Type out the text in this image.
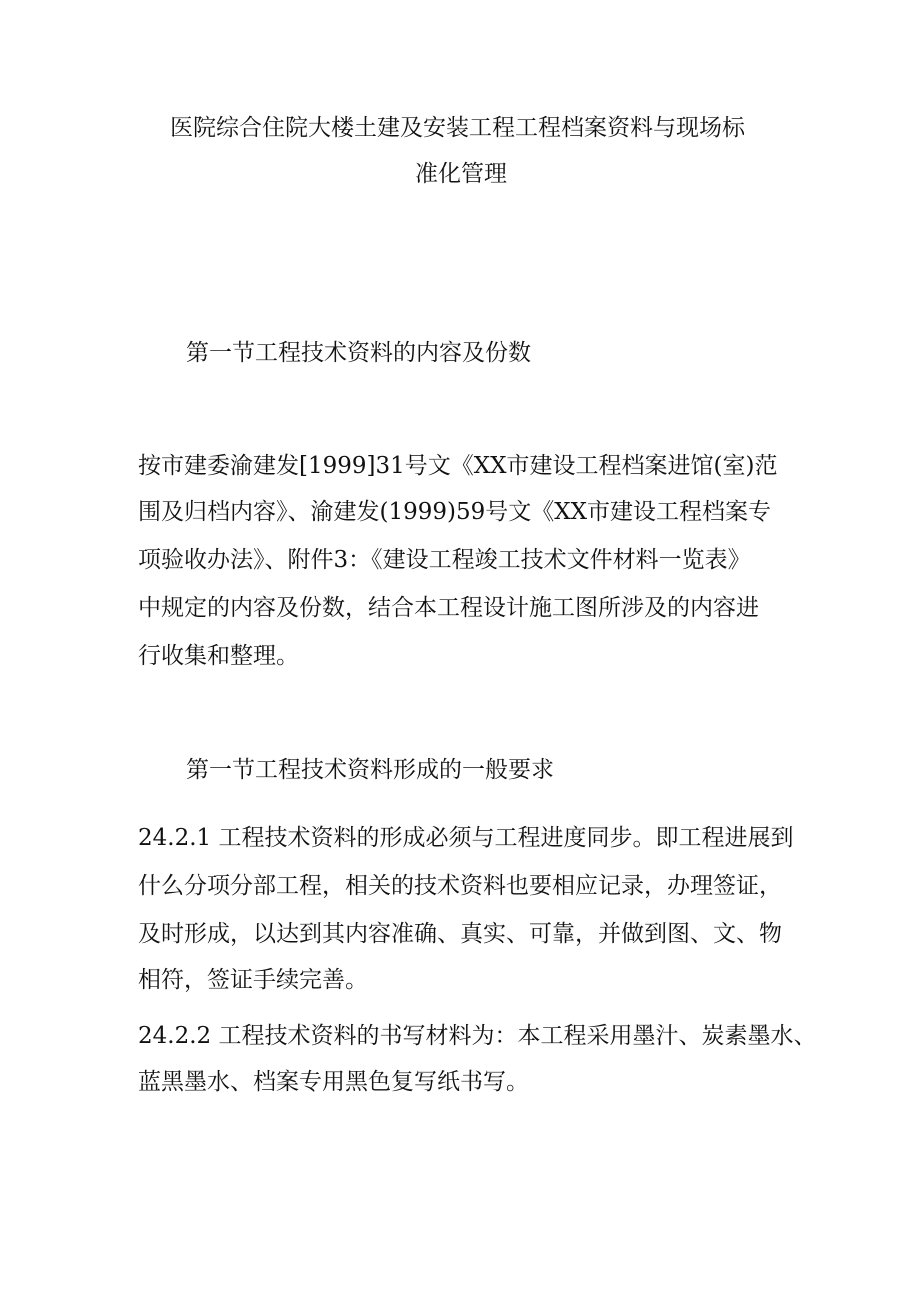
医院综合住院大楼土建及安装工程工程档案资料与现场标

准化管理

第一节工程技术资料的内容及份数

按市建委渝建发[1999]31号文《XX市建设工程档案进馆(室)范

围及归档内容》、渝建发(1999)59号文《XX市建设工程档案专

项验收办法》、附件3：《建设工程竣工技术文件材料一览表》

中规定的内容及份数，结合本工程设计施工图所涉及的内容进

行收集和整理。

第一节工程技术资料形成的一般要求

24.2.1 工程技术资料的形成必须与工程进度同步。即工程进展到

什么分项分部工程，相关的技术资料也要相应记录，办理签证，

及时形成，以达到其内容准确、真实、可靠，并做到图、文、物

相符，签证手续完善。

24.2.2 工程技术资料的书写材料为：本工程采用墨汁、炭素墨水、

蓝黑墨水、档案专用黑色复写纸书写。
